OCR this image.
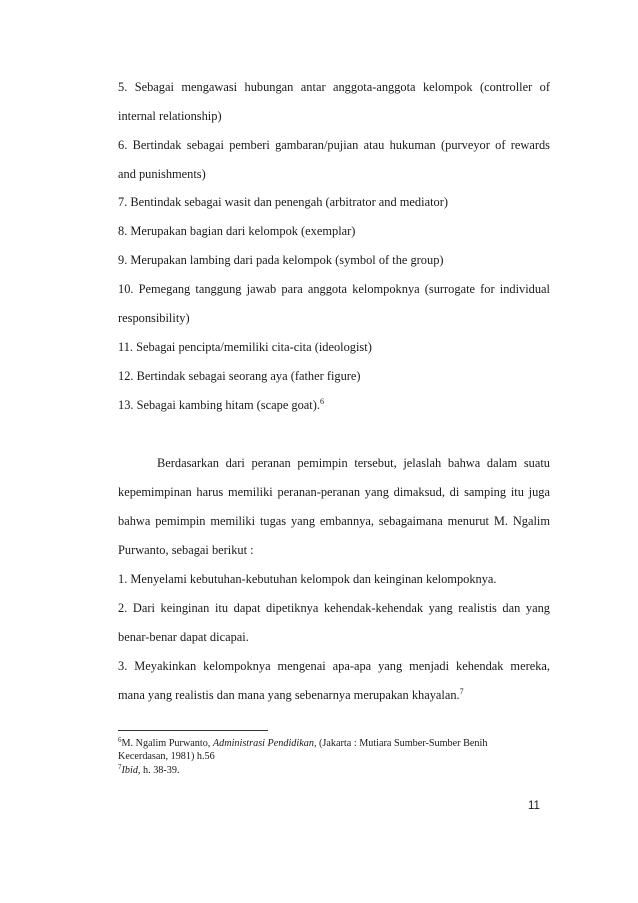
5. Sebagai mengawasi hubungan antar anggota-anggota kelompok (controller of
internal relationship)
6. Bertindak sebagai pemberi gambaran/pujian atau hukuman (purveyor of rewards
and punishments)
7. Bentindak sebagai wasit dan penengah (arbitrator and mediator)
8. Merupakan bagian dari kelompok (exemplar)
9. Merupakan lambing dari pada kelompok (symbol of the group)
10. Pemegang tanggung jawab para anggota kelompoknya (surrogate for individual
responsibility)
11. Sebagai pencipta/memiliki cita-cita (ideologist)
12. Bertindak sebagai seorang aya (father figure)
13. Sebagai kambing hitam (scape goat).$^6$
Berdasarkan dari peranan pemimpin tersebut, jelaslah bahwa dalam suatu
kepemimpinan harus memiliki peranan-peranan yang dimaksud, di samping itu juga
bahwa pemimpin memiliki tugas yang embannya, sebagaimana menurut M. Ngalim
Purwanto, sebagai berikut :
1. Menyelami kebutuhan-kebutuhan kelompok dan keinginan kelompoknya.
2. Dari keinginan itu dapat dipetiknya kehendak-kehendak yang realistis dan yang
benar-benar dapat dicapai.
3. Meyakinkan kelompoknya mengenai apa-apa yang menjadi kehendak mereka,
mana yang realistis dan mana yang sebenarnya merupakan khayalan.$^7$
$^6$M. Ngalim Purwanto, Administrasi Pendidikan, (Jakarta : Mutiara Sumber-Sumber Benih
Kecerdasan, 1981) h.56
$^7$Ibid, h. 38-39.
11
